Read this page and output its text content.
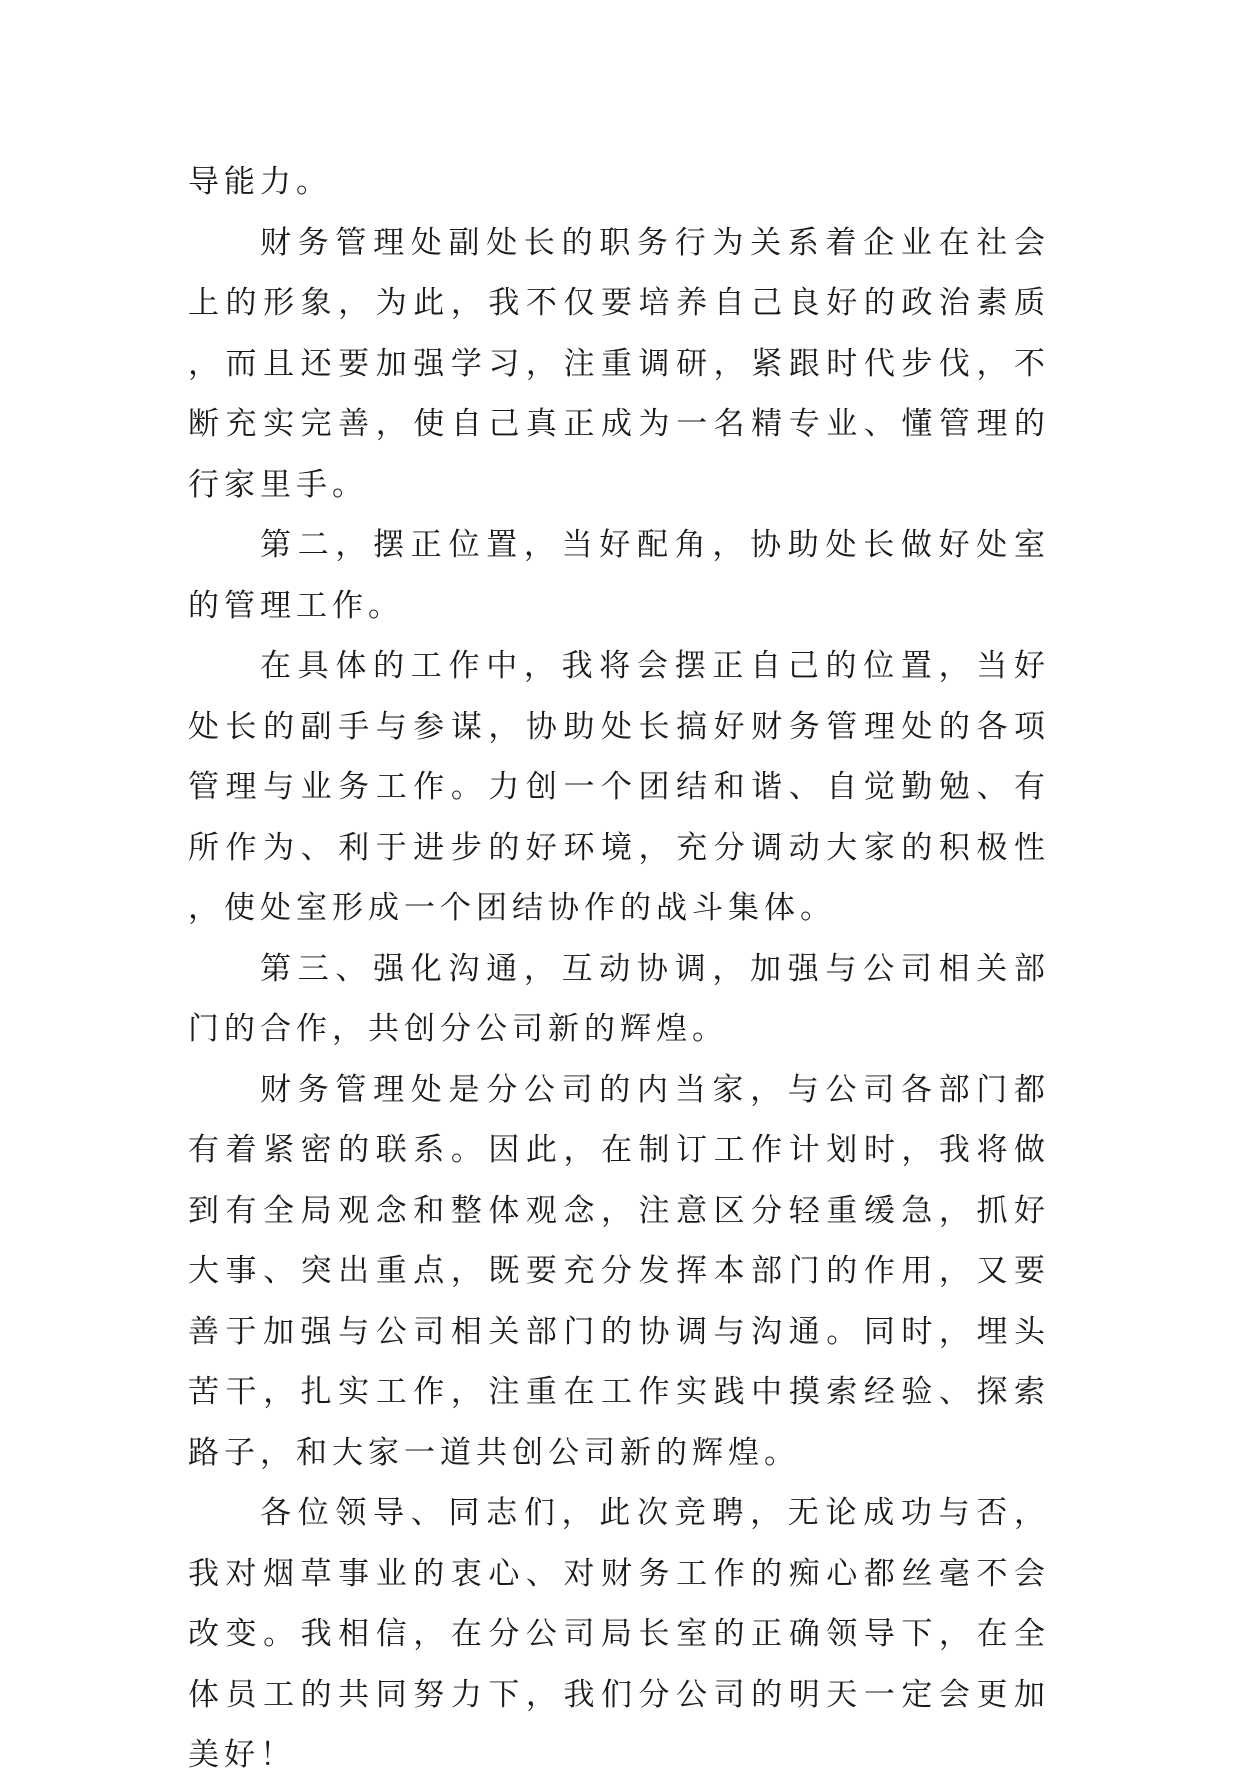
导能力。

财务管理处副处长的职务行为关系着企业在社会上的形象，为此，我不仅要培养自己良好的政治素质，而且还要加强学习，注重调研，紧跟时代步伐，不断充实完善，使自己真正成为一名精专业、懂管理的行家里手。

第二，摆正位置，当好配角，协助处长做好处室的管理工作。

在具体的工作中，我将会摆正自己的位置，当好处长的副手与参谋，协助处长搞好财务管理处的各项管理与业务工作。力创一个团结和谐、自觉勤勉、有所作为、利于进步的好环境，充分调动大家的积极性，使处室形成一个团结协作的战斗集体。

第三、强化沟通，互动协调，加强与公司相关部门的合作，共创分公司新的辉煌。

财务管理处是分公司的内当家，与公司各部门都有着紧密的联系。因此，在制订工作计划时，我将做到有全局观念和整体观念，注意区分轻重缓急，抓好大事、突出重点，既要充分发挥本部门的作用，又要善于加强与公司相关部门的协调与沟通。同时，埋头苦干，扎实工作，注重在工作实践中摸索经验、探索路子，和大家一道共创公司新的辉煌。

各位领导、同志们，此次竞聘，无论成功与否，我对烟草事业的衷心、对财务工作的痴心都丝毫不会改变。我相信，在分公司局长室的正确领导下，在全体员工的共同努力下，我们分公司的明天一定会更加美好！
